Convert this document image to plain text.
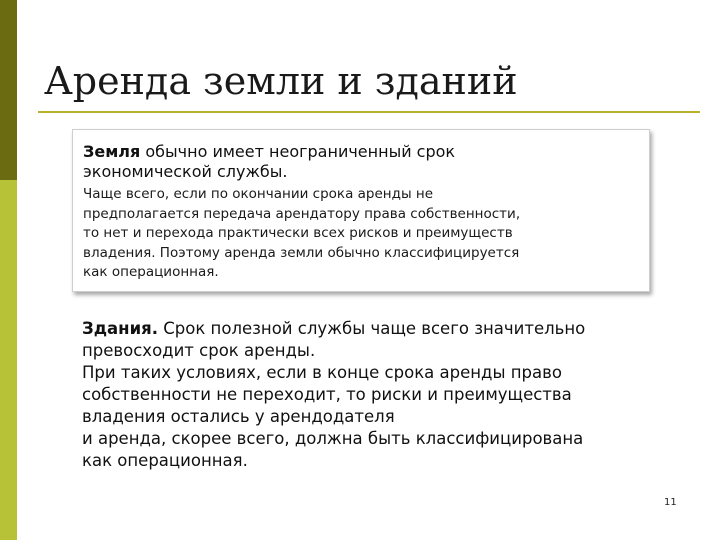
Аренда земли и зданий

Земля обычно имеет неограниченный срок
экономической службы.

Чаще всего, если по окончании срока аренды не
предполагается передача арендатору права собственности,
то нет и перехода практически всех рисков и преимуществ
владения. Поэтому аренда земли обычно классифицируется
как операционная.

Здания. Срок полезной службы чаще всего значительно
превосходит срок аренды.
При таких условиях, если в конце срока аренды право
собственности не переходит, то риски и преимущества
владения остались у арендодателя
и аренда, скорее всего, должна быть классифицирована
как операционная.

11
